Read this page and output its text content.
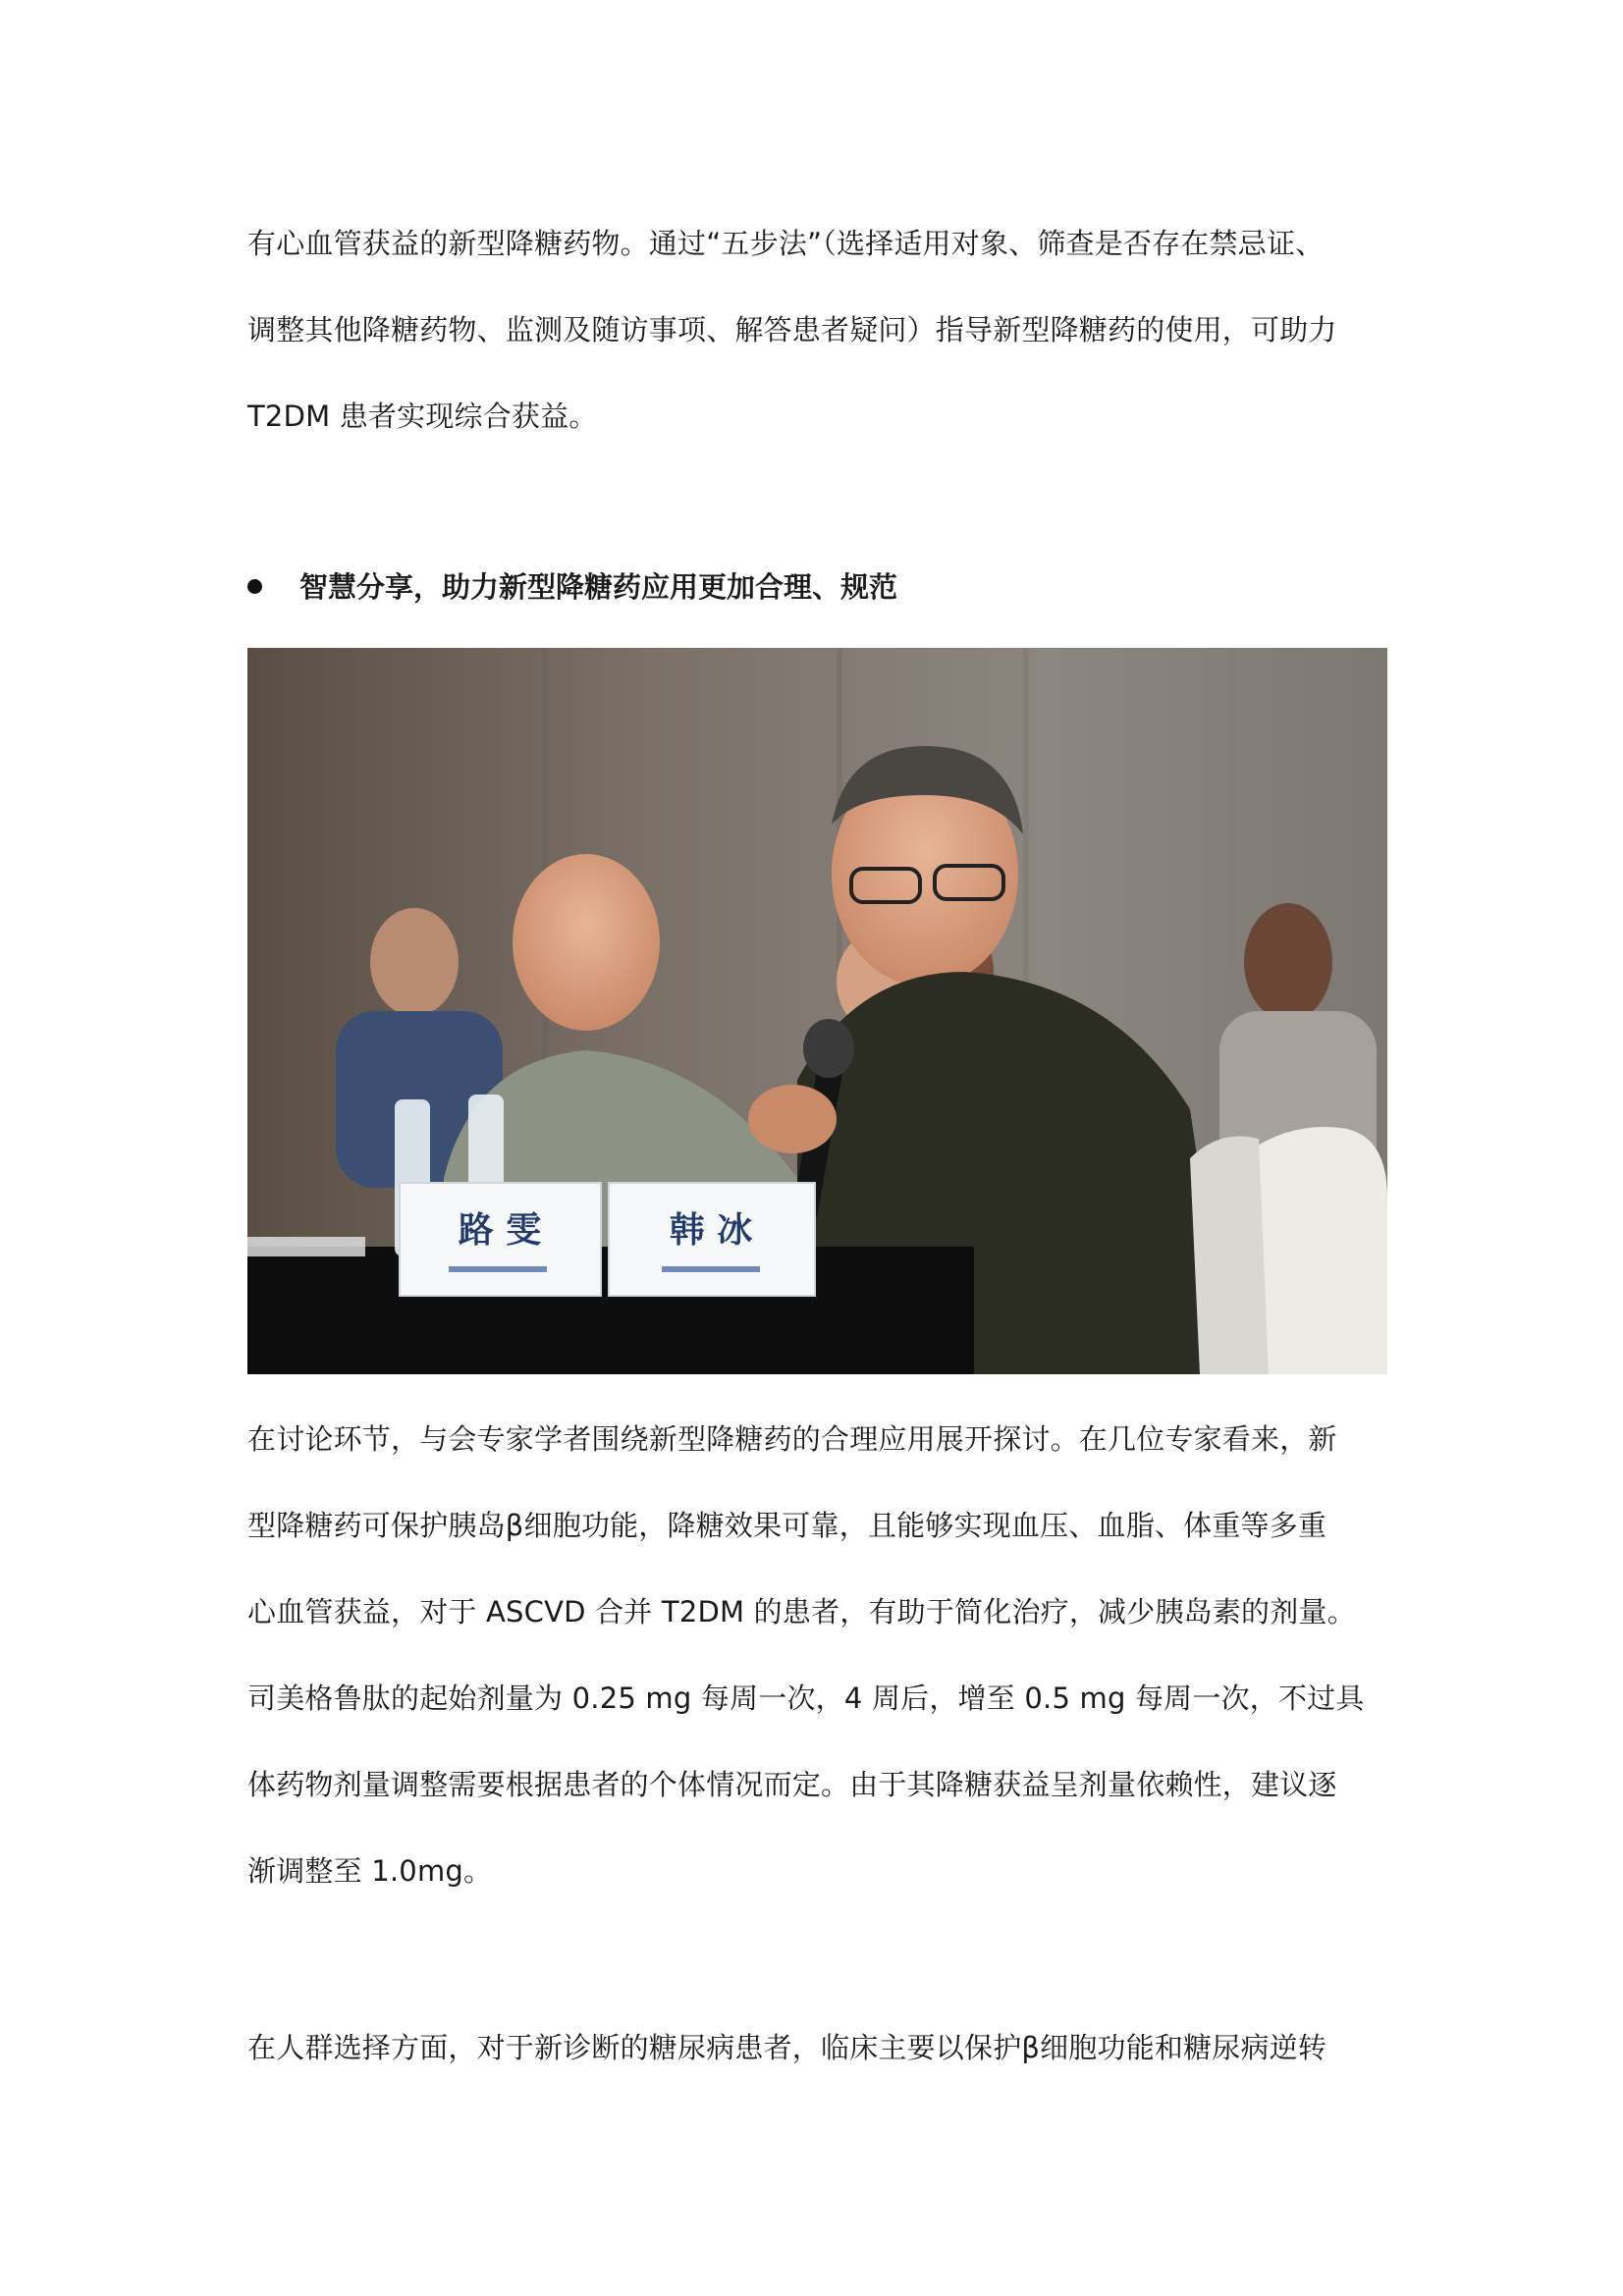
有心血管获益的新型降糖药物。通过“五步法”（选择适用对象、筛查是否存在禁忌证、
调整其他降糖药物、监测及随访事项、解答患者疑问）指导新型降糖药的使用，可助力
T2DM 患者实现综合获益。
智慧分享，助力新型降糖药应用更加合理、规范
路 雯	韩 冰
在讨论环节，与会专家学者围绕新型降糖药的合理应用展开探讨。在几位专家看来，新
型降糖药可保护胰岛β细胞功能，降糖效果可靠，且能够实现血压、血脂、体重等多重
心血管获益，对于 ASCVD 合并 T2DM 的患者，有助于简化治疗，减少胰岛素的剂量。
司美格鲁肽的起始剂量为 0.25 mg 每周一次，4 周后，增至 0.5 mg 每周一次，不过具
体药物剂量调整需要根据患者的个体情况而定。由于其降糖获益呈剂量依赖性，建议逐
渐调整至 1.0mg。
在人群选择方面，对于新诊断的糖尿病患者，临床主要以保护β细胞功能和糖尿病逆转
